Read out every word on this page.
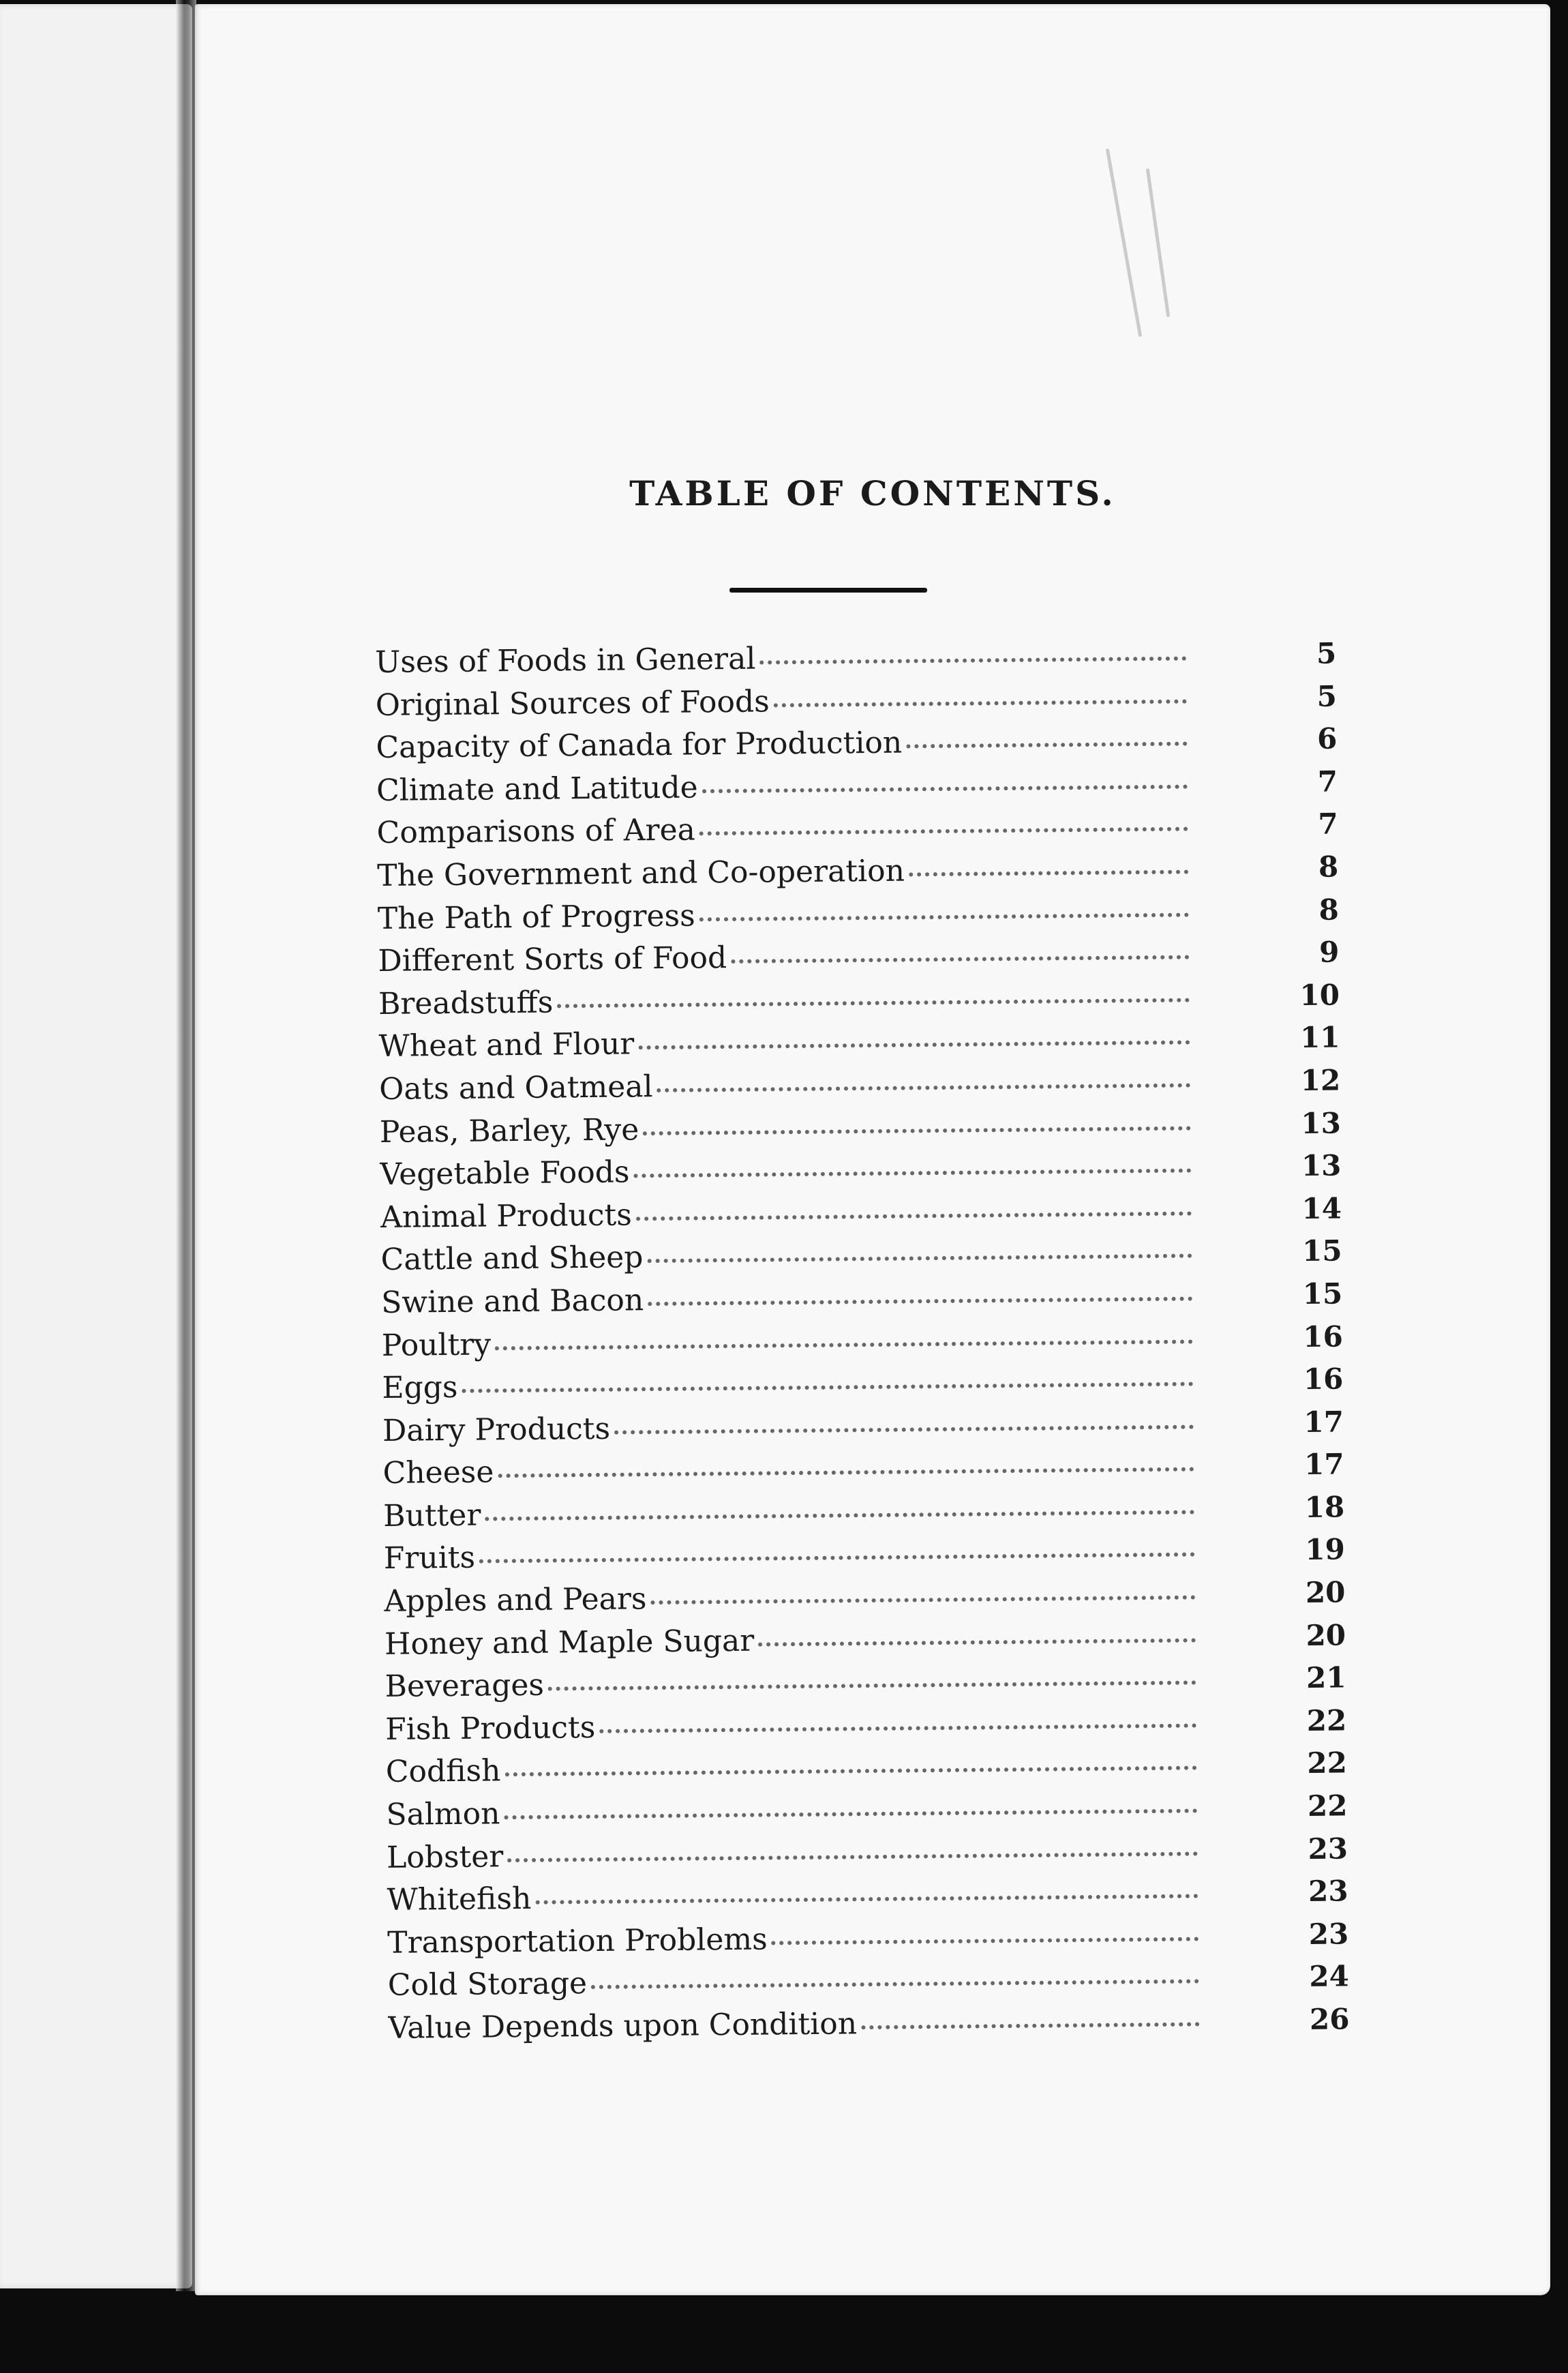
TABLE OF CONTENTS.
Uses of Foods in General	5
Original Sources of Foods	5
Capacity of Canada for Production	6
Climate and Latitude	7
Comparisons of Area	7
The Government and Co-operation	8
The Path of Progress	8
Different Sorts of Food	9
Breadstuffs	10
Wheat and Flour	11
Oats and Oatmeal	12
Peas, Barley, Rye	13
Vegetable Foods	13
Animal Products	14
Cattle and Sheep	15
Swine and Bacon	15
Poultry	16
Eggs	16
Dairy Products	17
Cheese	17
Butter	18
Fruits	19
Apples and Pears	20
Honey and Maple Sugar	20
Beverages	21
Fish Products	22
Codfish	22
Salmon	22
Lobster	23
Whitefish	23
Transportation Problems	23
Cold Storage	24
Value Depends upon Condition	26
